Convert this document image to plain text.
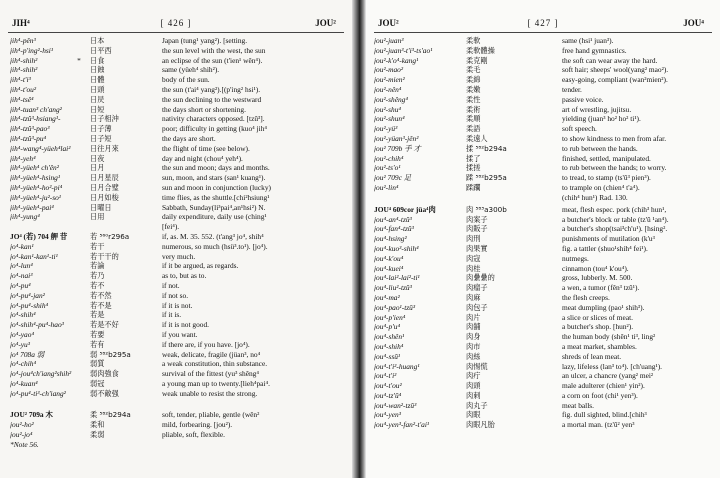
JIH⁴	[ 426 ]	JOU²
jih⁴-pên³	日本	Japan (tung¹ yang²). [setting.
jih⁴-p'ing²-hsi¹	日平西	the sun level with the west, the sun
jih⁴-shih²	*	日食	an eclipse of the sun (t'ien¹ wên⁴).
jih⁴-shih²	日蝕	same (yüeh⁴ shih²).
jih⁴-t'i³	日體	body of the sun.
jih⁴-t'ou²	日頭	the sun (t'ai⁴ yang²).[(p'ing² hsi¹).
jih⁴-tsê⁴	日昃	the sun declining to the westward
jih⁴-tuan³ ch'ang²	日短	the days short or shortening.
jih⁴-tzŭ³-hsiang¹-	日子相沖	nativity characters opposed. [tzŭ³].
jih⁴-tzŭ³-pao³	日子薄	poor; difficulty in getting (kuo⁴ jih⁴
jih⁴-tzŭ³-pu⁴	日子短	the days are short.
jih⁴-wang⁴-yüeh⁴lai²	日往月來	the flight of time (see below).
jih⁴-yeh⁴	日夜	day and night (chou⁴ yeh⁴).
jih⁴-yüeh⁴ ch'ên²	日月	the sun and moon; days and months.
jih⁴-yüeh⁴-hsing¹	日月星辰	sun, moon, and stars (san¹ kuang¹).
jih⁴-yüeh⁴-ho²-pi⁴	日月合璧	sun and moon in conjunction (lucky)
jih⁴-yüeh⁴-ju²-so¹	日月如梭	time flies, as the shuttle.[chi²hsiung¹
jih⁴-yüeh⁴-pai⁴	日曜日	Sabbath, Sunday(li³pai⁴,an¹hsi²) N.
jih⁴-yung⁴	日用	daily expenditure, daily use (ching¹
[fei⁴).
JO⁴ (若) 704 舺 苷	若 ⁵⁶⁰r296a	if, as. M. 35. 552. (t'ang³ jo⁴, shih⁴
jo⁴-kan¹	若干	numerous, so much (hsü³.to¹). [jo⁴).
jo⁴-kan¹-kan¹-ti¹	若干干的	very much.
jo⁴-lun⁴	若論	if it be argued, as regards.
jo⁴-nai³	若乃	as to, but as to.
jo⁴-pu⁴	若不	if not.
jo⁴-pu⁴-jan²	若不然	if not so.
jo⁴-pu⁴-shih⁴	若不是	if it is not.
jo⁴-shih⁴	若是	if it is.
jo⁴-shih⁴-pu⁴-hao³	若是不好	if it is not good.
jo⁴-yao⁴	若要	if you want.
jo⁴-yu³	若有	if there are, if you have. [jo⁴).
jo⁴ 708a 弱	弱 ⁵⁸²b295a	weak, delicate, fragile (jüan³, no⁴
jo⁴-chih⁴	弱質	a weak constitution, thin substance.
jo⁴-jou⁴ch'iang²shih²	弱肉強食	survival of the fittest (yu³ shêng⁴
jo⁴-kuan⁴	弱冠	a young man up to twenty.[lieh⁴pai⁴.
jo⁴-pu⁴-ti³-ch'iang²	弱不敵强	weak unable to resist the strong.
JOU² 709a 木	柔 ⁵⁸²b294a	soft, tender, pliable, gentle (wên²
jou²-ho²	柔和	mild, forbearing. [jou²).
jou²-jo⁴	柔弱	pliable, soft, flexible.
*Note 56.
JOU²	[ 427 ]	JOU⁴
jou²-juan³	柔軟	same (hsi¹ juan³).
jou²-juan³-t'i³-ts'ao¹	柔軟體操	free hand gymnastics.
jou²-k'o⁴-kang¹	柔克剛	the soft can wear away the hard.
jou²-mao²	柔毛	soft hair; sheeps' wool(yang² mao²).
jou²-mien²	柔綿	easy-going, compliant (wan²mien²).
jou²-nên⁴	柔嫩	tender.
jou²-shêng⁴	柔性	passive voice.
jou²-shu⁴	柔術	art of wrestling, jujitsu.
jou²-shun⁴	柔順	yielding (juan³ ho² ho² ti¹).
jou²-yü³	柔語	soft speech.
jou²-yüan³-jên²	柔遠人	to show kindness to men from afar.
jou² 709b 手 才	揉 ⁵⁸²b294a	to rub between the hands.
jou²-chih⁴	揉了	finished, settled, manipulated.
jou²-ts'o¹	揉搓	to rub between the hands; to worry.
jou² 709c 足	蹂 ⁵⁸²b295a	to tread, to stamp (ts'ŭ³ pien³).
jou²-lin⁴	蹂躙	to trample on (chien⁴ t'a⁴).
(chih⁴ hun¹) Rad. 130.
JOU⁴ 609cor jüa⁴肉	肉 ⁵⁸³a300b	meat, flesh espec. pork (chih³ hun¹,
jou⁴-an⁴-tzŭ³	肉案子	a butcher's block or table (tz'ŭ ¹an⁴).
jou⁴-fan⁴-tzŭ³	肉販子	a butcher's shop(tsai³ch'u¹). [hsing².
jou⁴-hsing²	肉刑	punishments of mutilation (k'u³
jou⁴-kuo³-shih⁴	肉果實	fig. a tattler (shuo¹shih⁴ fei¹).
jou⁴-k'ou⁴	肉寇	nutmegs.
jou⁴-kuei⁴	肉桂	cinnamon (tou⁴ k'ou⁴).
jou⁴-lai²-lai²-ti¹	肉纍纍的	gross, lubberly. M. 500.
jou⁴-liu²-tzŭ³	肉瘤子	a wen, a tumor (fên³ tzŭ¹).
jou⁴-ma²	肉麻	the flesh creeps.
jou⁴-pao¹-tzŭ³	肉包子	meat dumpling (pao¹ shih³).
jou⁴-p'ien⁴	肉片	a slice or slices of meat.
jou⁴-p'u⁴	肉舖	a butcher's shop. [hun²).
jou⁴-shên¹	肉身	the human body (shên¹ ti³, ling²
jou⁴-shih⁴	肉市	a meat market, shambles.
jou⁴-ssŭ¹	肉絲	shreds of lean meat.
jou⁴-t'i²-huang¹	肉惕慌	lazy, lifeless (lan³ to⁴). [ch'uang¹).
jou⁴-t'i²	肉疔	an ulcer, a chancre (yang² mei²
jou⁴-t'ou²	肉頭	male adulterer (chien¹ yin²).
jou⁴-tz'ŭ⁴	肉刺	a corn on foot (chi¹ yen³).
jou⁴-wan²-tzŭ³	肉丸子	meat balls.
jou⁴-yen³	肉眼	fig. dull sighted, blind.[chih³
jou⁴-yen³-fan²-t'ai¹	肉眼凡胎	a mortal man. (tz'ŭ² yen³
